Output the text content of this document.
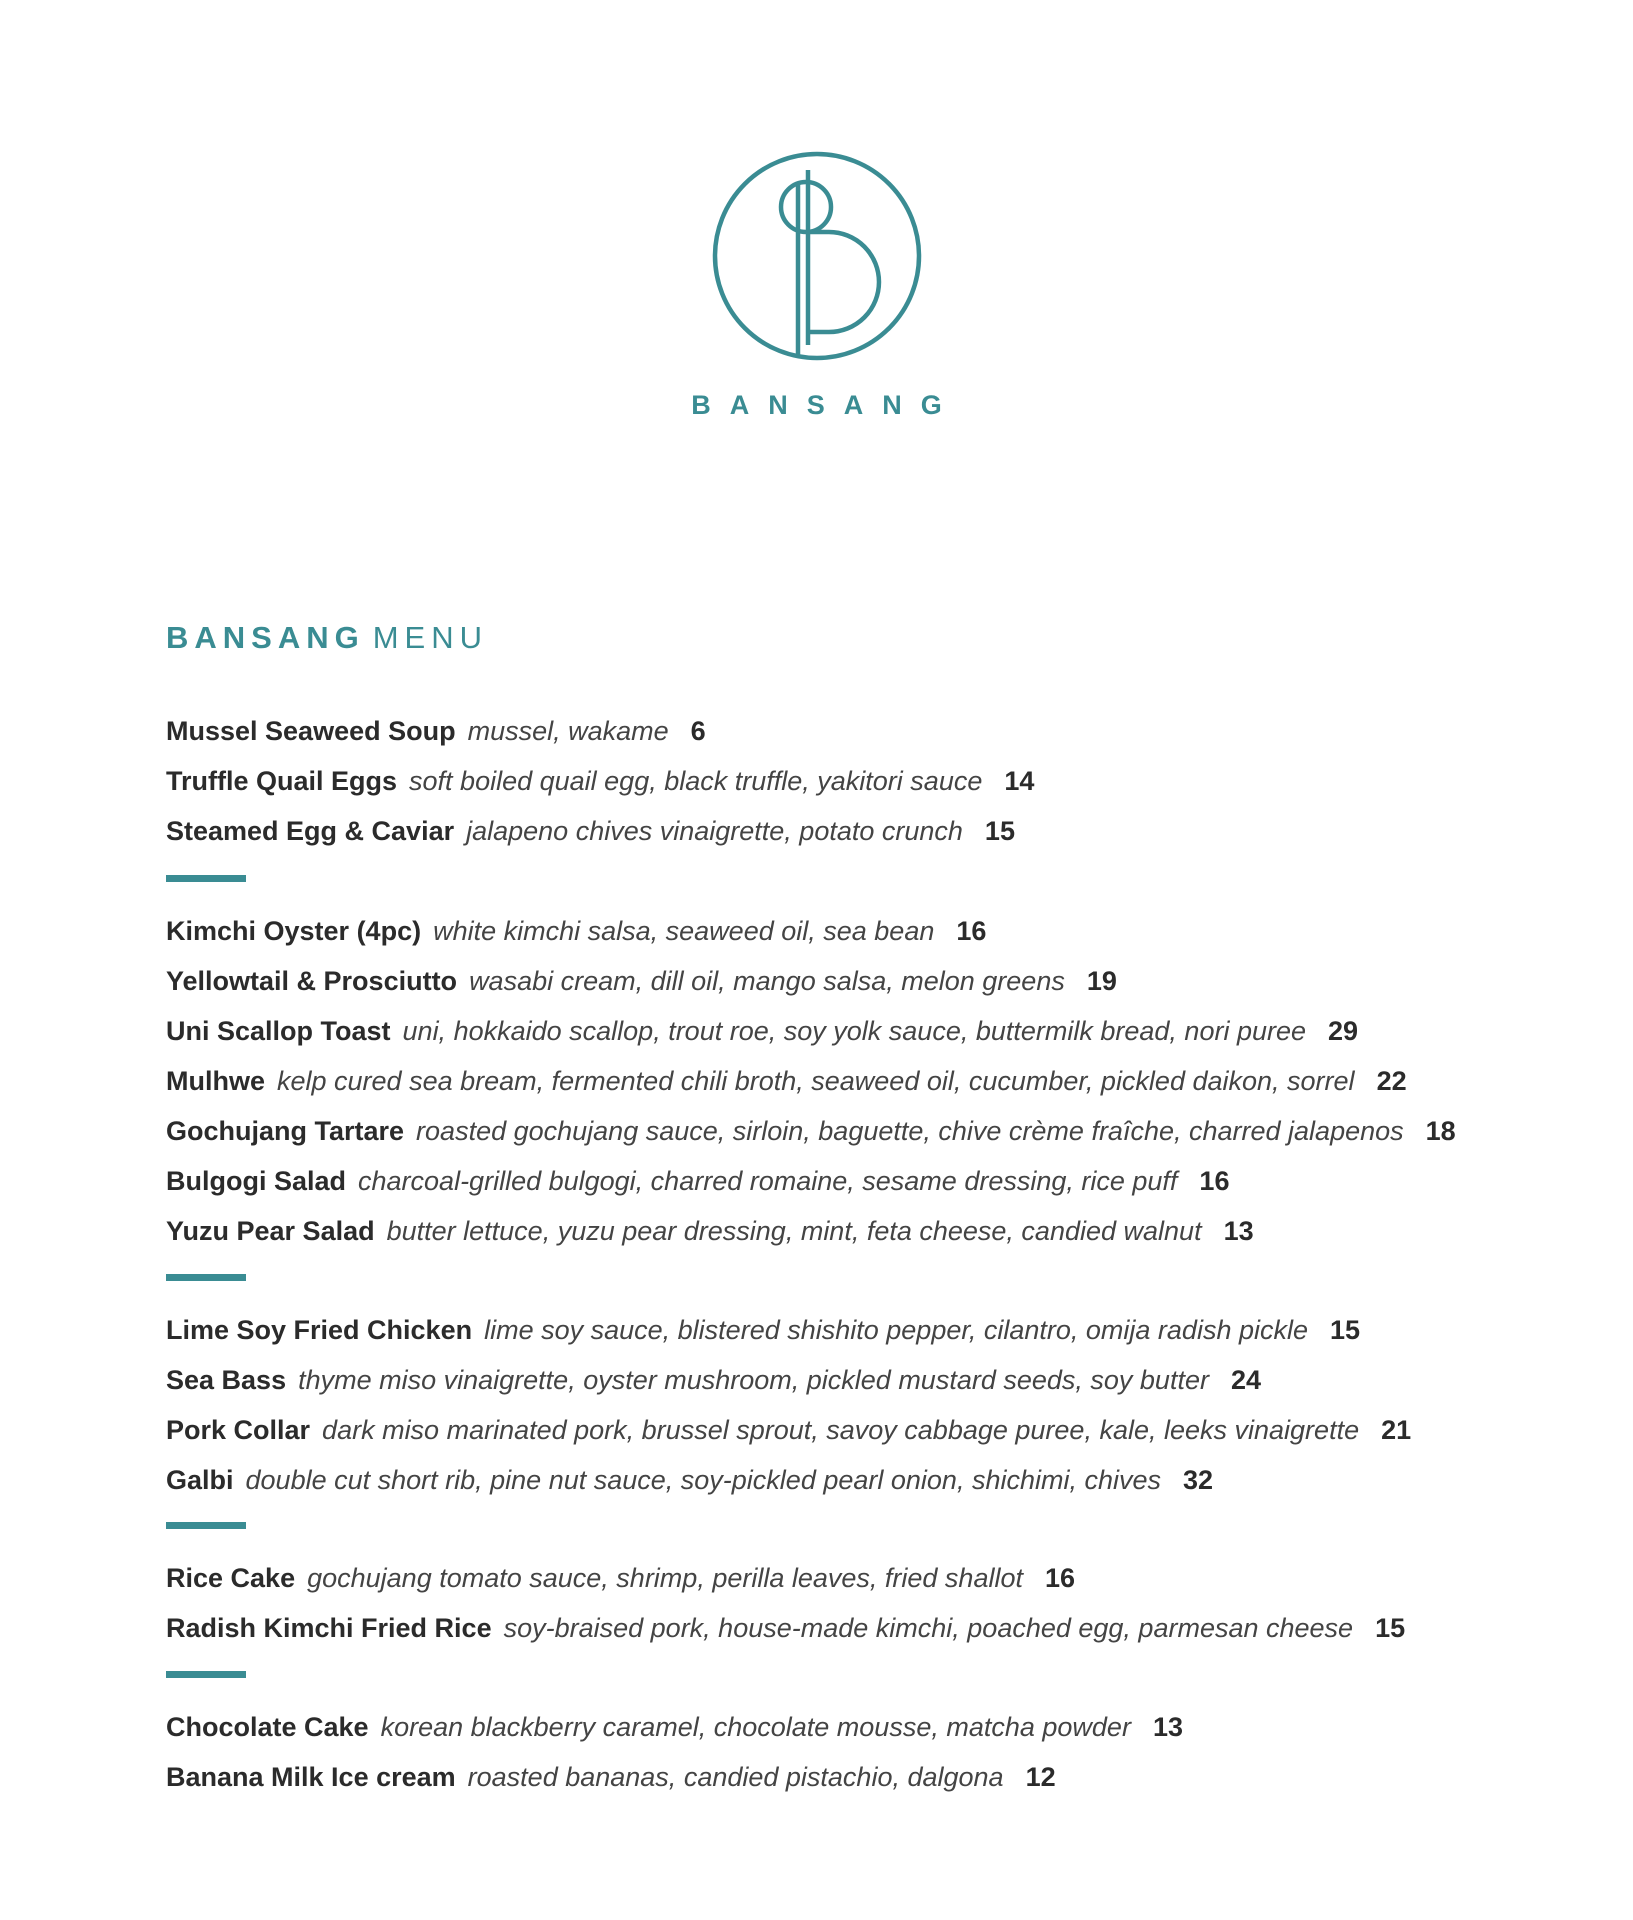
BANSANG
BANSANG MENU
Mussel Seaweed Soup mussel, wakame 6
Truffle Quail Eggs soft boiled quail egg, black truffle, yakitori sauce 14
Steamed Egg & Caviar jalapeno chives vinaigrette, potato crunch 15
Kimchi Oyster (4pc) white kimchi salsa, seaweed oil, sea bean 16
Yellowtail & Prosciutto wasabi cream, dill oil, mango salsa, melon greens 19
Uni Scallop Toast uni, hokkaido scallop, trout roe, soy yolk sauce, buttermilk bread, nori puree 29
Mulhwe kelp cured sea bream, fermented chili broth, seaweed oil, cucumber, pickled daikon, sorrel 22
Gochujang Tartare roasted gochujang sauce, sirloin, baguette, chive crème fraîche, charred jalapenos 18
Bulgogi Salad charcoal-grilled bulgogi, charred romaine, sesame dressing, rice puff 16
Yuzu Pear Salad butter lettuce, yuzu pear dressing, mint, feta cheese, candied walnut 13
Lime Soy Fried Chicken lime soy sauce, blistered shishito pepper, cilantro, omija radish pickle 15
Sea Bass thyme miso vinaigrette, oyster mushroom, pickled mustard seeds, soy butter 24
Pork Collar dark miso marinated pork, brussel sprout, savoy cabbage puree, kale, leeks vinaigrette 21
Galbi double cut short rib, pine nut sauce, soy-pickled pearl onion, shichimi, chives 32
Rice Cake gochujang tomato sauce, shrimp, perilla leaves, fried shallot 16
Radish Kimchi Fried Rice soy-braised pork, house-made kimchi, poached egg, parmesan cheese 15
Chocolate Cake korean blackberry caramel, chocolate mousse, matcha powder 13
Banana Milk Ice cream roasted bananas, candied pistachio, dalgona 12
